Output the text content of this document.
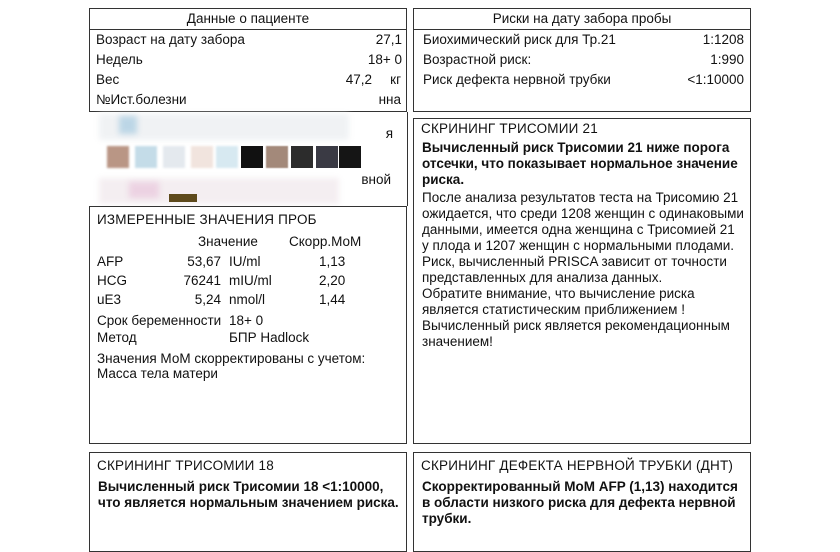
Данные о пациенте
Возраст на дату забора	27,1
Недель	18+ 0
Вес	47,2 кг
№Ист.болезни	нна
я
вной
ИЗМЕРЕННЫЕ ЗНАЧЕНИЯ ПРОБ
Значение Скорр.МоМ
AFP	53,67 IU/ml	1,13
HCG	76241 mIU/ml	2,20
uE3	5,24 nmol/l	1,44
Срок беременности 18+ 0
Метод	БПР Hadlock
Значения МоМ скорректированы с учетом:
Масса тела матери
Риски на дату забора пробы
Биохимический риск для Тр.21	1:1208
Возрастной риск:	1:990
Риск дефекта нервной трубки	<1:10000
СКРИНИНГ ТРИСОМИИ 21
Вычисленный риск Трисомии 21 ниже порога отсечки, что показывает нормальное значение риска.
После анализа результатов теста на Трисомию 21 ожидается, что среди 1208 женщин с одинаковыми данными, имеется одна женщина с Трисомией 21 у плода и 1207 женщин с нормальными плодами.
Риск, вычисленный PRISCA зависит от точности представленных для анализа данных.
Обратите внимание, что вычисление риска является статистическим приближением !
Вычисленный риск является рекомендационным значением!
СКРИНИНГ ТРИСОМИИ 18
Вычисленный риск Трисомии 18 <1:10000, что является нормальным значением риска.
СКРИНИНГ ДЕФЕКТА НЕРВНОЙ ТРУБКИ (ДНТ)
Скорректированный МоМ AFP (1,13) находится в области низкого риска для дефекта нервной трубки.
